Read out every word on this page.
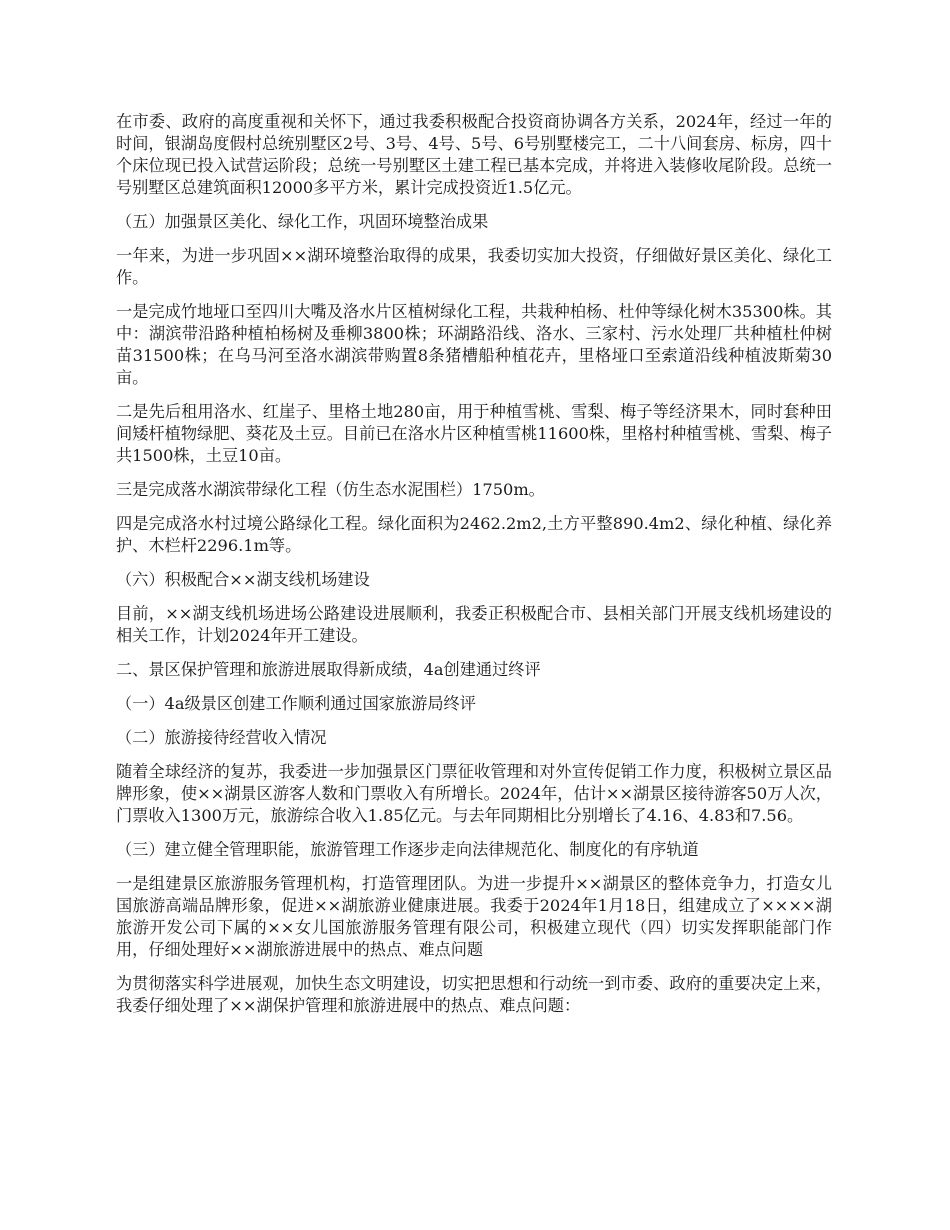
在市委、政府的高度重视和关怀下，通过我委积极配合投资商协调各方关系，2024年，经过一年的时间，银湖岛度假村总统别墅区2号、3号、4号、5号、6号别墅楼完工，二十八间套房、标房，四十个床位现已投入试营运阶段；总统一号别墅区土建工程已基本完成，并将进入装修收尾阶段。总统一号别墅区总建筑面积12000多平方米，累计完成投资近1.5亿元。

（五）加强景区美化、绿化工作，巩固环境整治成果

一年来，为进一步巩固××湖环境整治取得的成果，我委切实加大投资，仔细做好景区美化、绿化工作。

一是完成竹地垭口至四川大嘴及洛水片区植树绿化工程，共栽种柏杨、杜仲等绿化树木35300株。其中：湖滨带沿路种植柏杨树及垂柳3800株；环湖路沿线、洛水、三家村、污水处理厂共种植杜仲树苗31500株；在乌马河至洛水湖滨带购置8条猪槽船种植花卉，里格垭口至索道沿线种植波斯菊30亩。

二是先后租用洛水、红崖子、里格土地280亩，用于种植雪桃、雪梨、梅子等经济果木，同时套种田间矮杆植物绿肥、葵花及土豆。目前已在洛水片区种植雪桃11600株，里格村种植雪桃、雪梨、梅子共1500株，土豆10亩。

三是完成落水湖滨带绿化工程（仿生态水泥围栏）1750m。

四是完成洛水村过境公路绿化工程。绿化面积为2462.2m2,土方平整890.4m2、绿化种植、绿化养护、木栏杆2296.1m等。

（六）积极配合××湖支线机场建设

目前，××湖支线机场进场公路建设进展顺利，我委正积极配合市、县相关部门开展支线机场建设的相关工作，计划2024年开工建设。

二、景区保护管理和旅游进展取得新成绩，4a创建通过终评

（一）4a级景区创建工作顺利通过国家旅游局终评

（二）旅游接待经营收入情况

随着全球经济的复苏，我委进一步加强景区门票征收管理和对外宣传促销工作力度，积极树立景区品牌形象，使××湖景区游客人数和门票收入有所增长。2024年，估计××湖景区接待游客50万人次，门票收入1300万元，旅游综合收入1.85亿元。与去年同期相比分别增长了4.16、4.83和7.56。

（三）建立健全管理职能，旅游管理工作逐步走向法律规范化、制度化的有序轨道

一是组建景区旅游服务管理机构，打造管理团队。为进一步提升××湖景区的整体竞争力，打造女儿国旅游高端品牌形象，促进××湖旅游业健康进展。我委于2024年1月18日，组建成立了××××湖旅游开发公司下属的××女儿国旅游服务管理有限公司，积极建立现代（四）切实发挥职能部门作用，仔细处理好××湖旅游进展中的热点、难点问题

为贯彻落实科学进展观，加快生态文明建设，切实把思想和行动统一到市委、政府的重要决定上来，我委仔细处理了××湖保护管理和旅游进展中的热点、难点问题：
